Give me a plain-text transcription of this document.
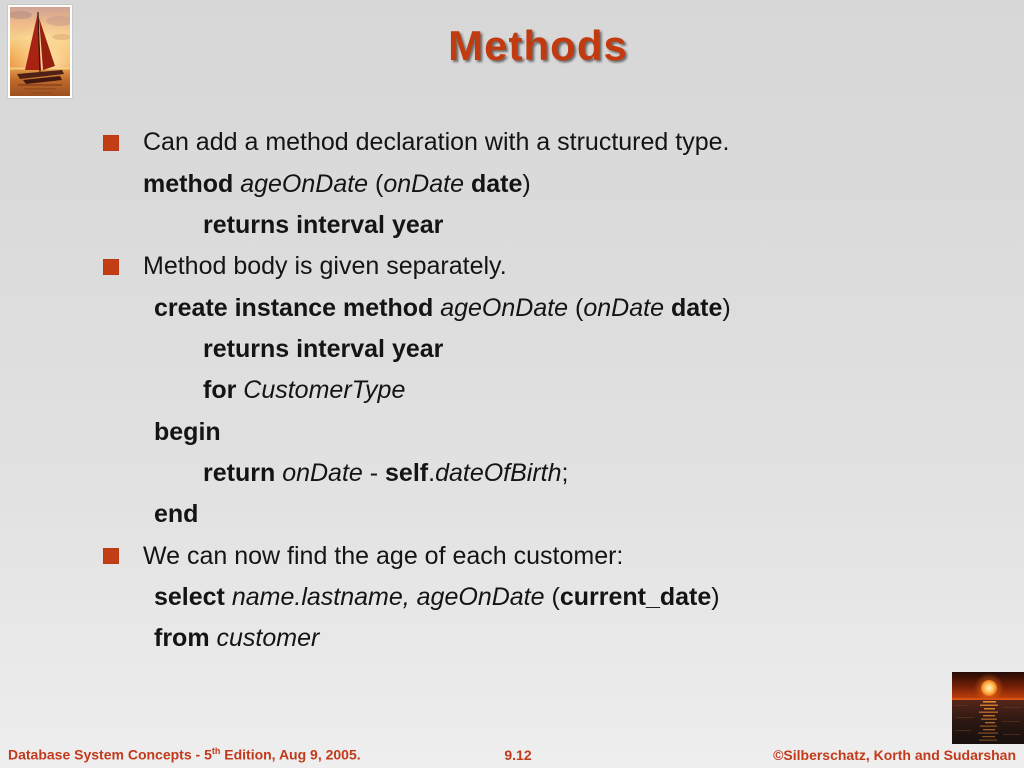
Methods
Can add a method declaration with a structured type.
method ageOnDate (onDate date)
returns interval year
Method body is given separately.
create instance method ageOnDate (onDate date)
returns interval year
for CustomerType
begin
return onDate - self.dateOfBirth;
end
We can now find the age of each customer:
select name.lastname, ageOnDate (current_date)
from customer
Database System Concepts - 5th Edition, Aug 9, 2005.	9.12	©Silberschatz, Korth and Sudarshan
